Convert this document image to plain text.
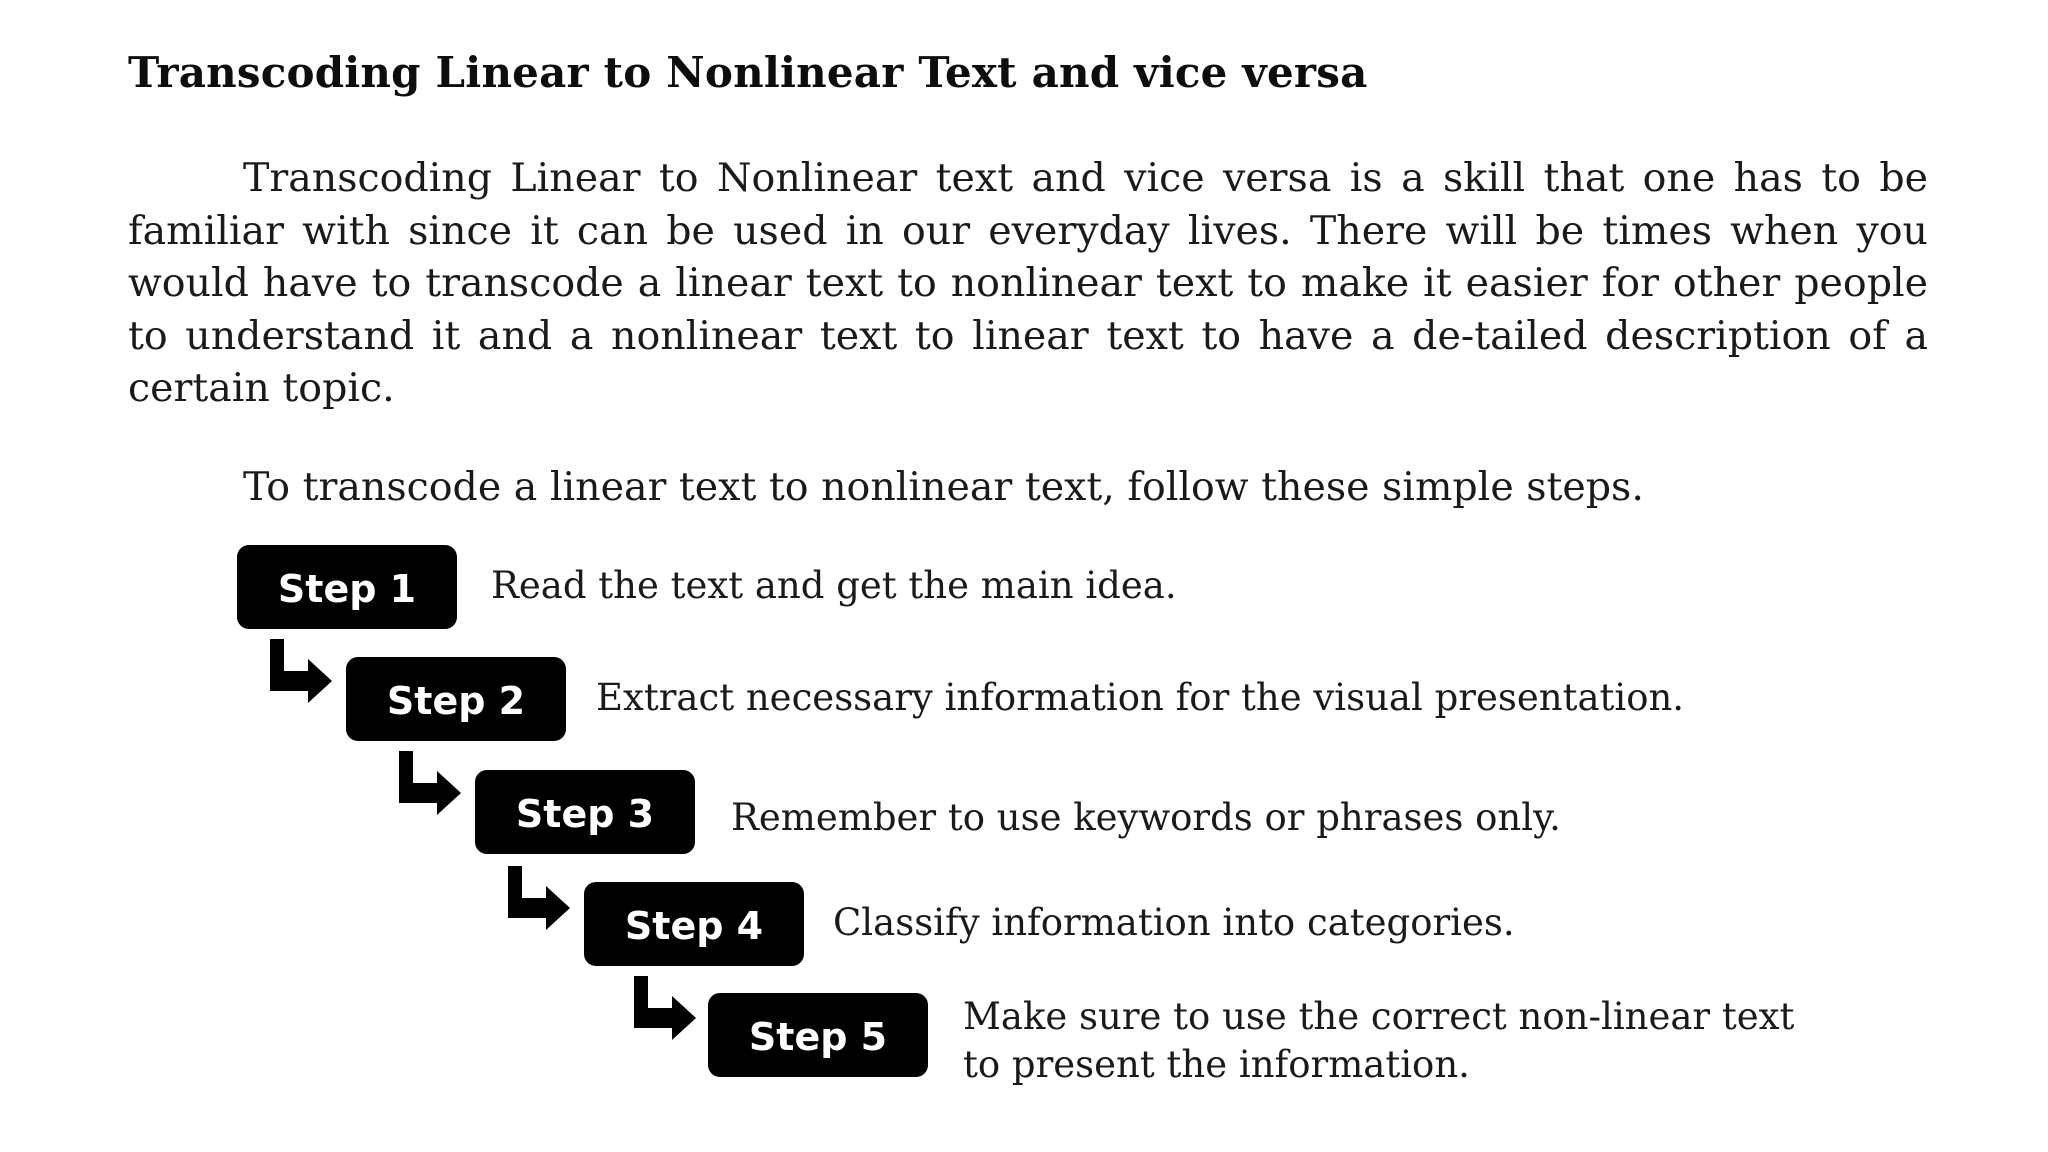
Transcoding Linear to Nonlinear Text and vice versa

Transcoding Linear to Nonlinear text and vice versa is a skill that one has to be familiar with since it can be used in our everyday lives. There will be times when you would have to transcode a linear text to nonlinear text to make it easier for other people to understand it and a nonlinear text to linear text to have a de-tailed description of a certain topic.

To transcode a linear text to nonlinear text, follow these simple steps.
Step 1 Read the text and get the main idea.
Step 2 Extract necessary information for the visual presentation.
Step 3 Remember to use keywords or phrases only.
Step 4 Classify information into categories.
Step 5 Make sure to use the correct non-linear text
to present the information.
